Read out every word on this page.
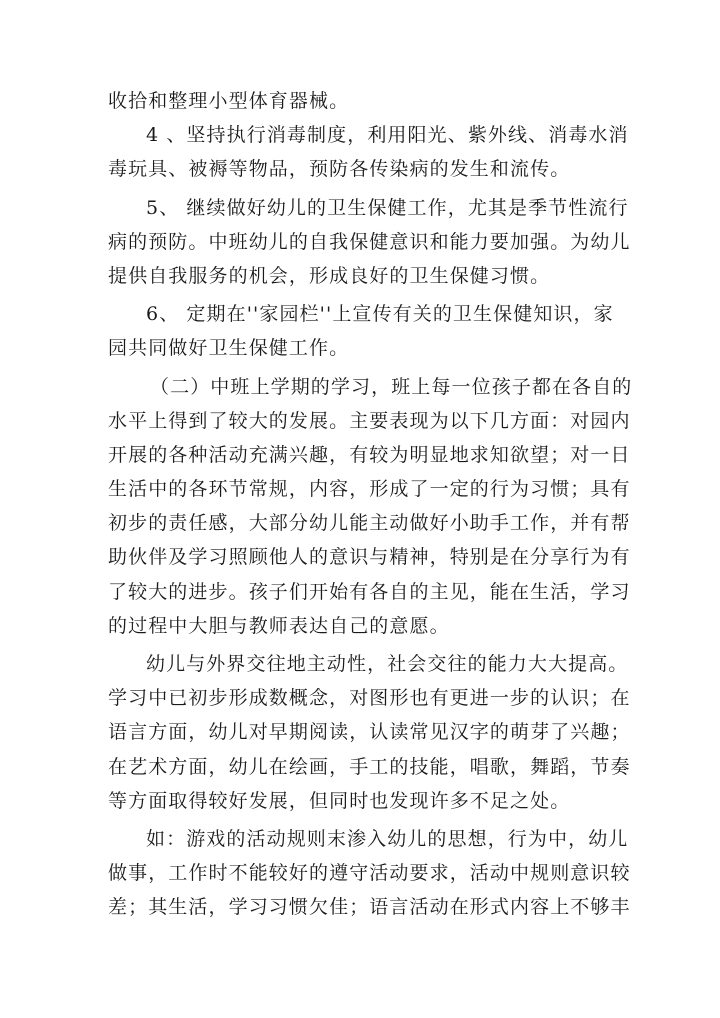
收拾和整理小型体育器械。
4 、坚持执行消毒制度，利用阳光、紫外线、消毒水消
毒玩具、被褥等物品，预防各传染病的发生和流传。
5、 继续做好幼儿的卫生保健工作，尤其是季节性流行
病的预防。中班幼儿的自我保健意识和能力要加强。为幼儿
提供自我服务的机会，形成良好的卫生保健习惯。
6、 定期在''家园栏''上宣传有关的卫生保健知识，家
园共同做好卫生保健工作。
（二）中班上学期的学习，班上每一位孩子都在各自的
水平上得到了较大的发展。主要表现为以下几方面：对园内
开展的各种活动充满兴趣，有较为明显地求知欲望；对一日
生活中的各环节常规，内容，形成了一定的行为习惯；具有
初步的责任感，大部分幼儿能主动做好小助手工作，并有帮
助伙伴及学习照顾他人的意识与精神，特别是在分享行为有
了较大的进步。孩子们开始有各自的主见，能在生活，学习
的过程中大胆与教师表达自己的意愿。
幼儿与外界交往地主动性，社会交往的能力大大提高。
学习中已初步形成数概念，对图形也有更进一步的认识；在
语言方面，幼儿对早期阅读，认读常见汉字的萌芽了兴趣；
在艺术方面，幼儿在绘画，手工的技能，唱歌，舞蹈，节奏
等方面取得较好发展，但同时也发现许多不足之处。
如：游戏的活动规则末渗入幼儿的思想，行为中，幼儿
做事，工作时不能较好的遵守活动要求，活动中规则意识较
差；其生活，学习习惯欠佳；语言活动在形式内容上不够丰
